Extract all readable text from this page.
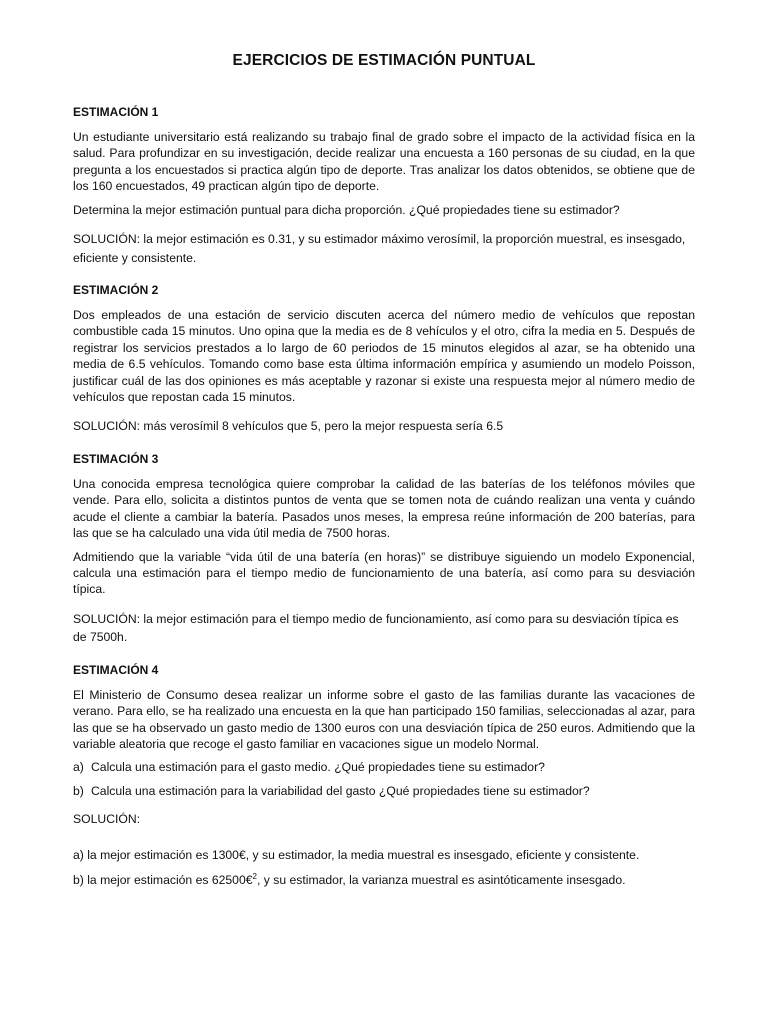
EJERCICIOS DE ESTIMACIÓN PUNTUAL
ESTIMACIÓN 1

Un estudiante universitario está realizando su trabajo final de grado sobre el impacto de la actividad física en la salud. Para profundizar en su investigación, decide realizar una encuesta a 160 personas de su ciudad, en la que pregunta a los encuestados si practica algún tipo de deporte. Tras analizar los datos obtenidos, se obtiene que de los 160 encuestados, 49 practican algún tipo de deporte.

Determina la mejor estimación puntual para dicha proporción. ¿Qué propiedades tiene su estimador?

SOLUCIÓN: la mejor estimación es 0.31, y su estimador máximo verosímil, la proporción muestral, es insesgado, eficiente y consistente.

ESTIMACIÓN 2

Dos empleados de una estación de servicio discuten acerca del número medio de vehículos que repostan combustible cada 15 minutos. Uno opina que la media es de 8 vehículos y el otro, cifra la media en 5. Después de registrar los servicios prestados a lo largo de 60 periodos de 15 minutos elegidos al azar, se ha obtenido una media de 6.5 vehículos. Tomando como base esta última información empírica y asumiendo un modelo Poisson, justificar cuál de las dos opiniones es más aceptable y razonar si existe una respuesta mejor al número medio de vehículos que repostan cada 15 minutos.

SOLUCIÓN: más verosímil 8 vehículos que 5, pero la mejor respuesta sería 6.5

ESTIMACIÓN 3

Una conocida empresa tecnológica quiere comprobar la calidad de las baterías de los teléfonos móviles que vende. Para ello, solicita a distintos puntos de venta que se tomen nota de cuándo realizan una venta y cuándo acude el cliente a cambiar la batería. Pasados unos meses, la empresa reúne información de 200 baterías, para las que se ha calculado una vida útil media de 7500 horas.

Admitiendo que la variable “vida útil de una batería (en horas)” se distribuye siguiendo un modelo Exponencial, calcula una estimación para el tiempo medio de funcionamiento de una batería, así como para su desviación típica.

SOLUCIÓN: la mejor estimación para el tiempo medio de funcionamiento, así como para su desviación típica es de 7500h.

ESTIMACIÓN 4

El Ministerio de Consumo desea realizar un informe sobre el gasto de las familias durante las vacaciones de verano. Para ello, se ha realizado una encuesta en la que han participado 150 familias, seleccionadas al azar, para las que se ha observado un gasto medio de 1300 euros con una desviación típica de 250 euros. Admitiendo que la variable aleatoria que recoge el gasto familiar en vacaciones sigue un modelo Normal.

a) Calcula una estimación para el gasto medio. ¿Qué propiedades tiene su estimador?
b) Calcula una estimación para la variabilidad del gasto ¿Qué propiedades tiene su estimador?

SOLUCIÓN:

a) la mejor estimación es 1300€, y su estimador, la media muestral es insesgado, eficiente y consistente.

b) la mejor estimación es 62500€$^2$, y su estimador, la varianza muestral es asintóticamente insesgado.
